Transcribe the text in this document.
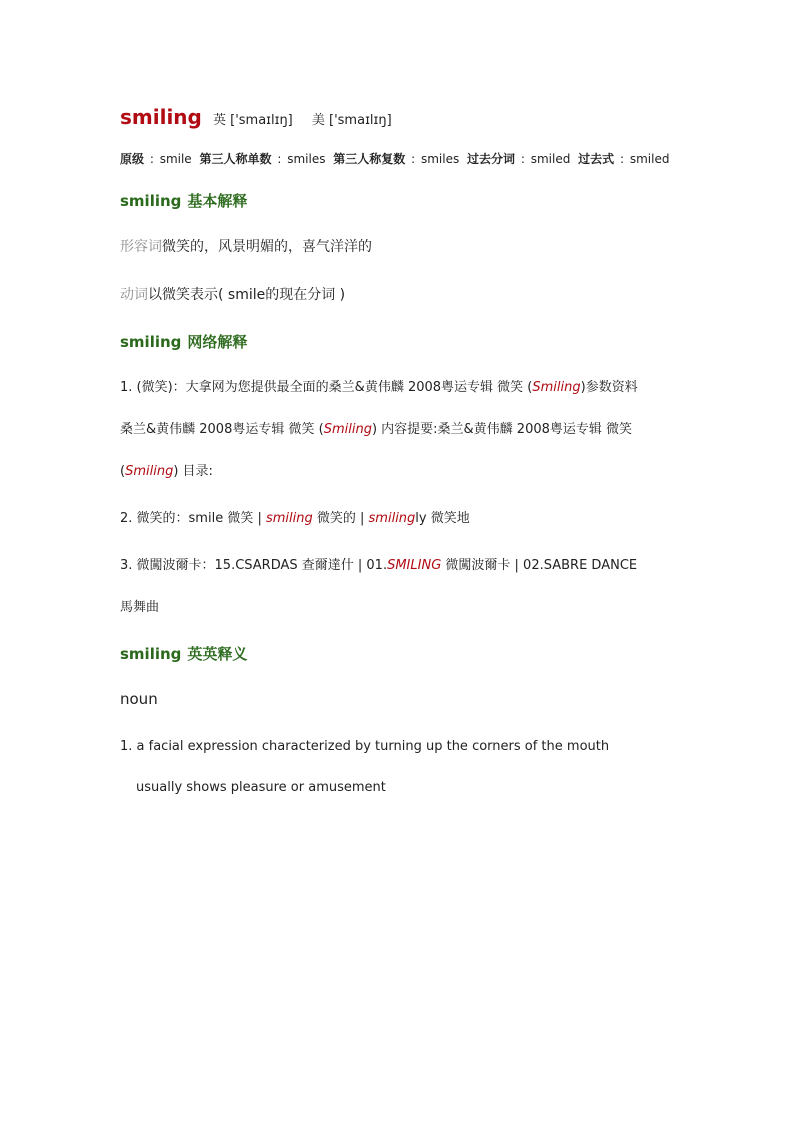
smiling 英 ['smaɪlɪŋ] 美 ['smaɪlɪŋ]
原级 : smile 第三人称单数 : smiles 第三人称复数 : smiles 过去分词 : smiled 过去式 : smiled
smiling 基本解释
形容词微笑的，风景明媚的，喜气洋洋的
动词以微笑表示( smile的现在分词 )
smiling 网络解释

1. (微笑)：大拿网为您提供最全面的桑兰&黄伟麟 2008粤运专辑 微笑 (Smiling)参数资料

桑兰&黄伟麟 2008粤运专辑 微笑 (Smiling) 内容提要:桑兰&黄伟麟 2008粤运专辑 微笑

(Smiling) 目录:

2. 微笑的：smile 微笑 | smiling 微笑的 | smilingly 微笑地

3. 微闖波爾卡：15.CSARDAS 查爾達什 | 01.SMILING 微闖波爾卡 | 02.SABRE DANCE

馬舞曲

smiling 英英释义
noun
1. a facial expression characterized by turning up the corners of the mouth
usually shows pleasure or amusement
